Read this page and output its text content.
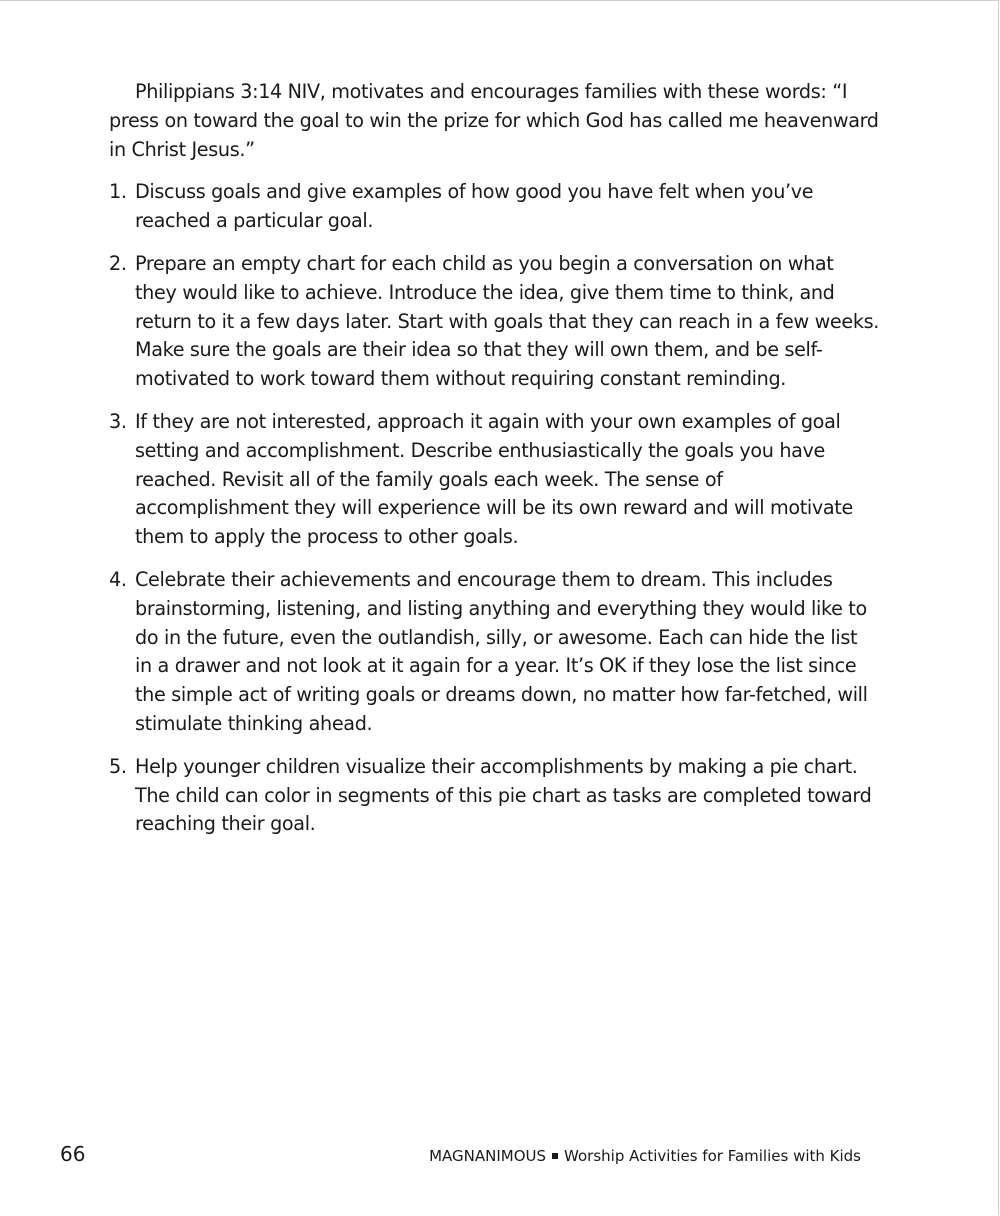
Philippians 3:14 NIV, motivates and encourages families with these words: “I press on toward the goal to win the prize for which God has called me heavenward in Christ Jesus.”

1. Discuss goals and give examples of how good you have felt when you’ve reached a particular goal.
2. Prepare an empty chart for each child as you begin a conversation on what they would like to achieve. Introduce the idea, give them time to think, and return to it a few days later. Start with goals that they can reach in a few weeks. Make sure the goals are their idea so that they will own them, and be self-motivated to work toward them without requiring constant reminding.
3. If they are not interested, approach it again with your own examples of goal setting and accomplishment. Describe enthusiastically the goals you have reached. Revisit all of the family goals each week. The sense of accomplishment they will experience will be its own reward and will motivate them to apply the process to other goals.
4. Celebrate their achievements and encourage them to dream. This includes brainstorming, listening, and listing anything and everything they would like to do in the future, even the outlandish, silly, or awesome. Each can hide the list in a drawer and not look at it again for a year. It’s OK if they lose the list since the simple act of writing goals or dreams down, no matter how far-fetched, will stimulate thinking ahead.
5. Help younger children visualize their accomplishments by making a pie chart. The child can color in segments of this pie chart as tasks are completed toward reaching their goal.
66	MAGNANIMOUS Worship Activities for Families with Kids
